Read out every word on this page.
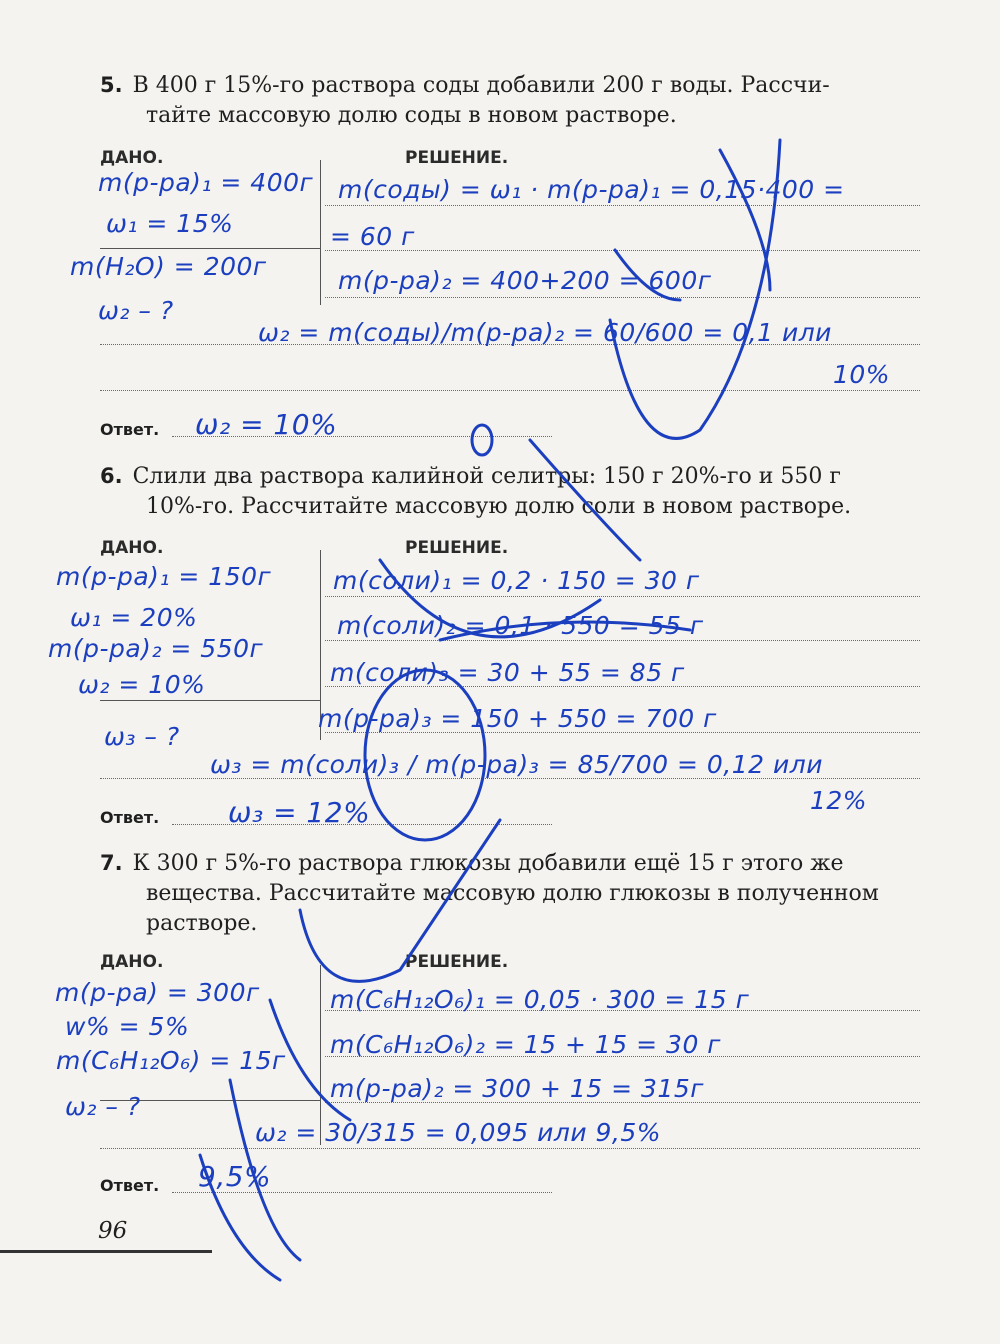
5. В 400 г 15%-го раствора соды добавили 200 г воды. Рассчи-

тайте массовую долю соды в новом растворе.

ДАНО.	РЕШЕНИЕ.
m(р-ра)₁ = 400г
ω₁ = 15%
m(H₂O) = 200г
ω₂ – ?
m(соды) = ω₁ · m(р-ра)₁ = 0,15·400 =
= 60 г
m(р-ра)₂ = 400+200 = 600г
ω₂ = m(соды)/m(р-ра)₂ = 60/600 = 0,1 или
10%
Ответ. ω₂ = 10%

6. Слили два раствора калийной селитры: 150 г 20%-го и 550 г

10%-го. Рассчитайте массовую долю соли в новом растворе.

ДАНО.	РЕШЕНИЕ.
m(р-ра)₁ = 150г
ω₁ = 20%
m(р-ра)₂ = 550г
ω₂ = 10%
ω₃ – ?
m(соли)₁ = 0,2 · 150 = 30 г
m(соли)₂ = 0,1 · 550 = 55 г
m(соли)₃ = 30 + 55 = 85 г
m(р-ра)₃ = 150 + 550 = 700 г
ω₃ = m(соли)₃ / m(р-ра)₃ = 85/700 = 0,12 или
12%
Ответ. ω₃ = 12%

7. К 300 г 5%-го раствора глюкозы добавили ещё 15 г этого же

вещества. Рассчитайте массовую долю глюкозы в полученном

растворе.

ДАНО.	РЕШЕНИЕ.
m(р-ра) = 300г
w% = 5%
m(C₆H₁₂O₆) = 15г
ω₂ – ?
m(C₆H₁₂O₆)₁ = 0,05 · 300 = 15 г
m(C₆H₁₂O₆)₂ = 15 + 15 = 30 г
m(р-ра)₂ = 300 + 15 = 315г
ω₂ = 30/315 = 0,095 или 9,5%
Ответ. 9,5%
96
